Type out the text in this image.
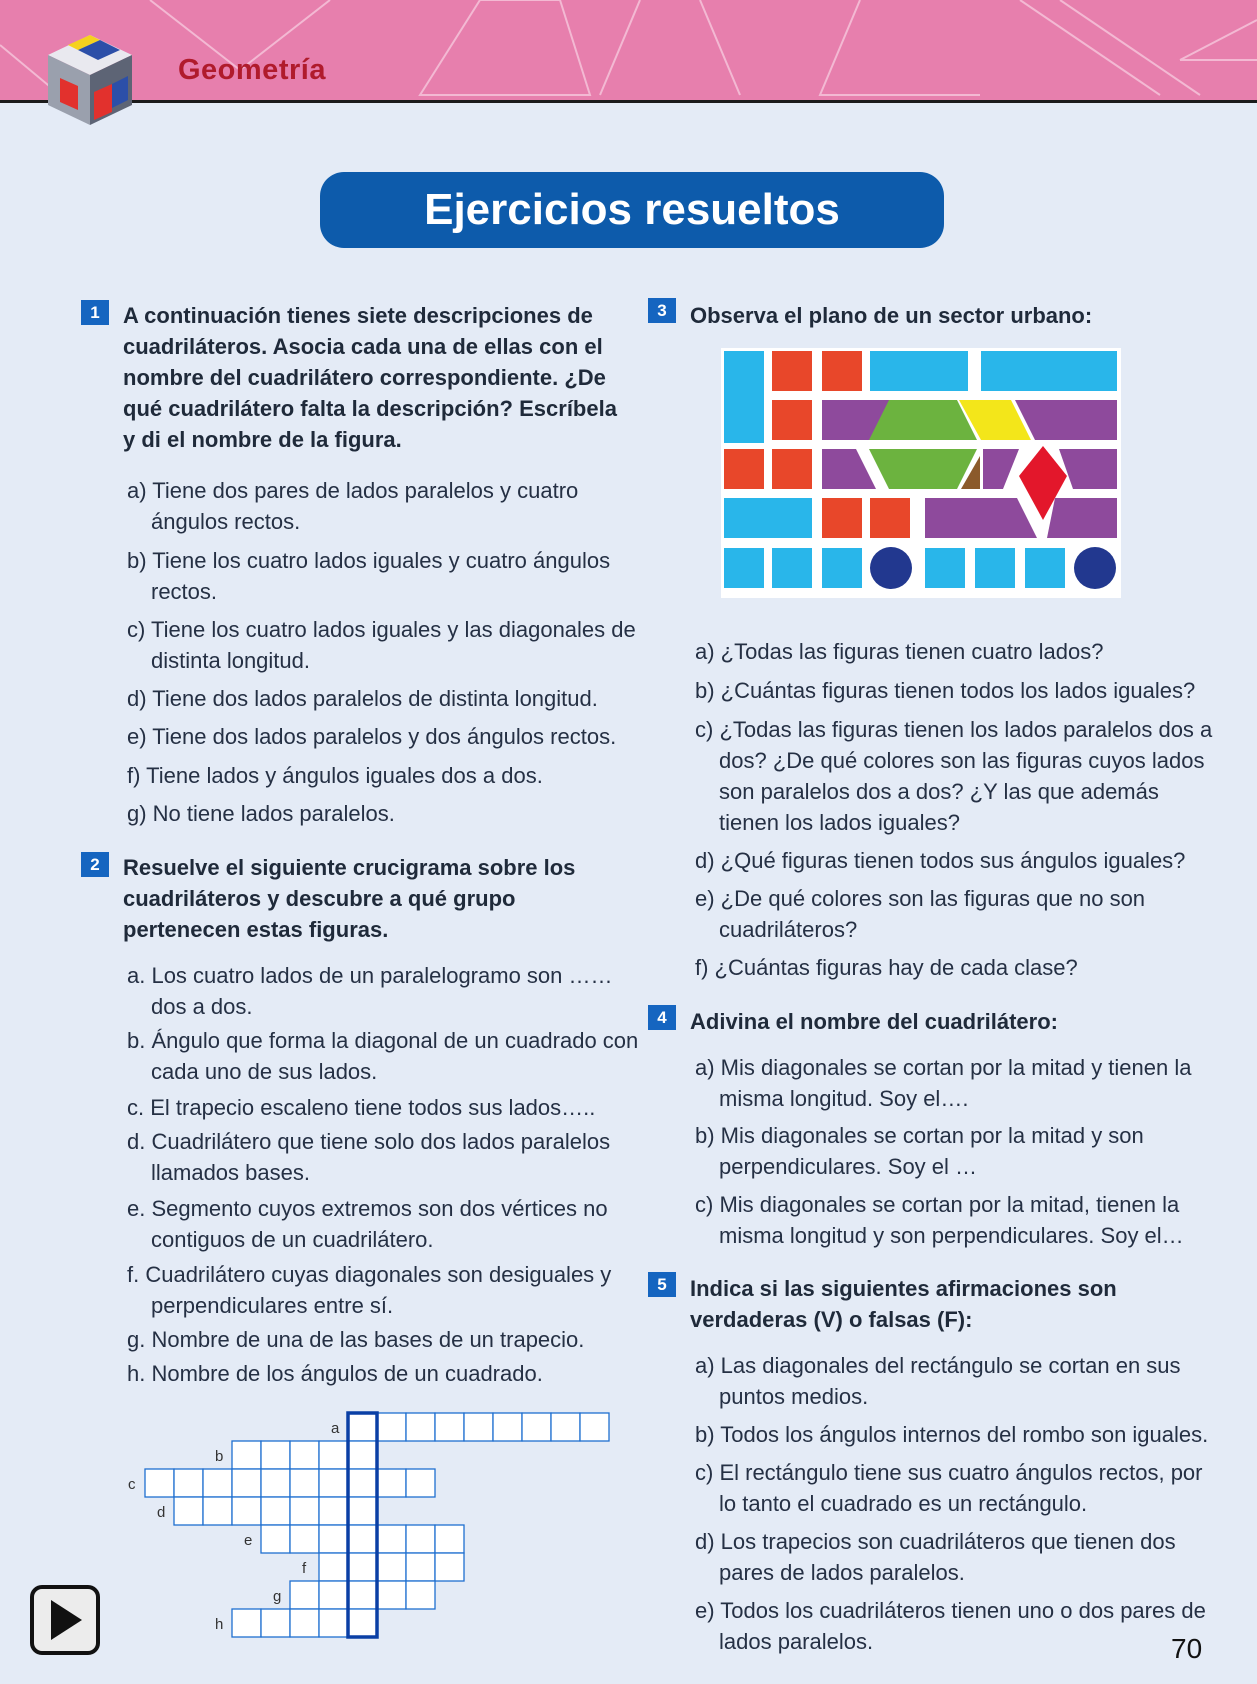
Geometría
Ejercicios resueltos
1	A continuación tienes siete descripciones de cuadriláteros. Asocia cada una de ellas con el nombre del cuadrilátero correspondiente. ¿De qué cuadrilátero falta la descripción? Escríbela y di el nombre de la figura.
a) Tiene dos pares de lados paralelos y cuatro ángulos rectos.
b) Tiene los cuatro lados iguales y cuatro ángulos rectos.
c) Tiene los cuatro lados iguales y las diagonales de distinta longitud.
d) Tiene dos lados paralelos de distinta longitud.
e) Tiene dos lados paralelos y dos ángulos rectos.
f) Tiene lados y ángulos iguales dos a dos.
g) No tiene lados paralelos.
2	Resuelve el siguiente crucigrama sobre los cuadriláteros y descubre a qué grupo pertenecen estas figuras.
a. Los cuatro lados de un paralelogramo son …… dos a dos.
b. Ángulo que forma la diagonal de un cuadrado con cada uno de sus lados.
c. El trapecio escaleno tiene todos sus lados…..
d. Cuadrilátero que tiene solo dos lados paralelos llamados bases.
e. Segmento cuyos extremos son dos vértices no contiguos de un cuadrilátero.
f. Cuadrilátero cuyas diagonales son desiguales y perpendiculares entre sí.
g. Nombre de una de las bases de un trapecio.
h. Nombre de los ángulos de un cuadrado.
a
b
c
d
e
f
g
h
3	Observa el plano de un sector urbano:
a) ¿Todas las figuras tienen cuatro lados?
b) ¿Cuántas figuras tienen todos los lados iguales?
c) ¿Todas las figuras tienen los lados paralelos dos a dos? ¿De qué colores son las figuras cuyos lados son paralelos dos a dos? ¿Y las que además tienen los lados iguales?
d) ¿Qué figuras tienen todos sus ángulos iguales?
e) ¿De qué colores son las figuras que no son cuadriláteros?
f) ¿Cuántas figuras hay de cada clase?
4	Adivina el nombre del cuadrilátero:
a) Mis diagonales se cortan por la mitad y tienen la misma longitud. Soy el….
b) Mis diagonales se cortan por la mitad y son perpendiculares. Soy el …
c) Mis diagonales se cortan por la mitad, tienen la misma longitud y son perpendiculares. Soy el…
5	Indica si las siguientes afirmaciones son verdaderas (V) o falsas (F):
a) Las diagonales del rectángulo se cortan en sus puntos medios.
b) Todos los ángulos internos del rombo son iguales.
c) El rectángulo tiene sus cuatro ángulos rectos, por lo tanto el cuadrado es un rectángulo.
d) Los trapecios son cuadriláteros que tienen dos pares de lados paralelos.
e) Todos los cuadriláteros tienen uno o dos pares de lados paralelos.	70
